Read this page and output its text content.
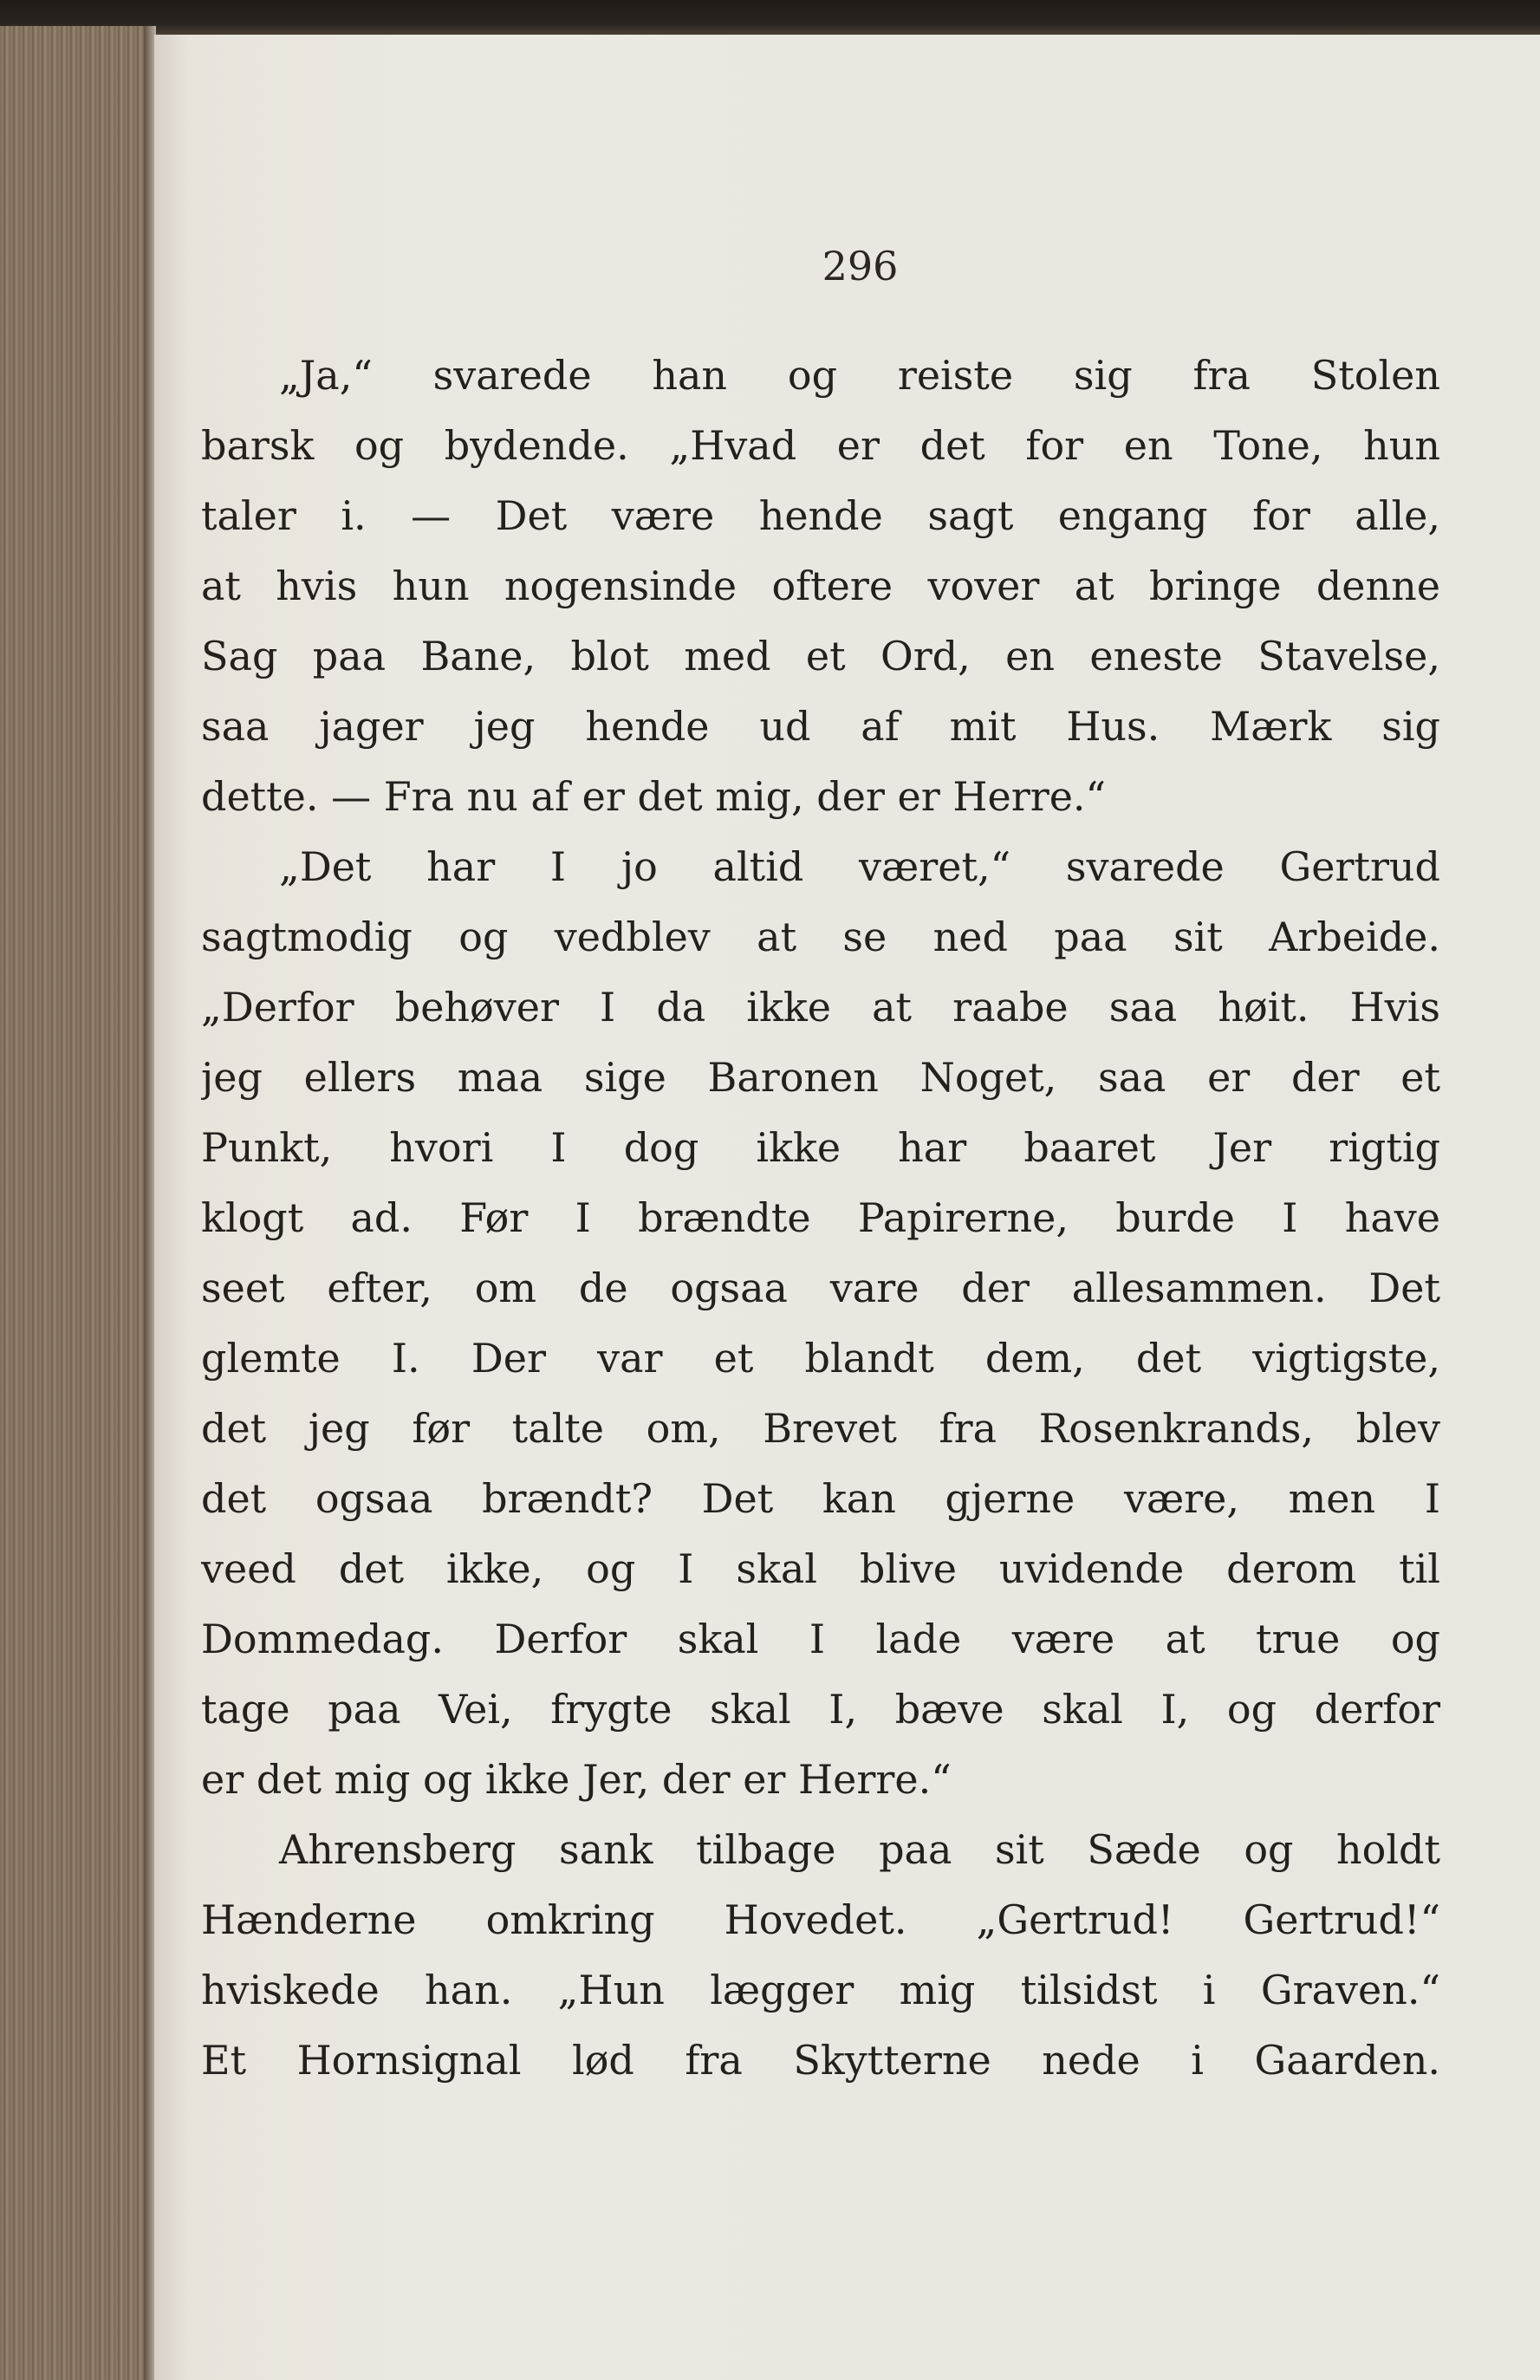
296
„Ja,“ svarede han og reiste sig fra Stolen
barsk og bydende. „Hvad er det for en Tone, hun
taler i. — Det være hende sagt engang for alle,
at hvis hun nogensinde oftere vover at bringe denne
Sag paa Bane, blot med et Ord, en eneste Stavelse,
saa jager jeg hende ud af mit Hus. Mærk sig
dette. — Fra nu af er det mig, der er Herre.“
„Det har I jo altid været,“ svarede Gertrud
sagtmodig og vedblev at se ned paa sit Arbeide.
„Derfor behøver I da ikke at raabe saa høit. Hvis
jeg ellers maa sige Baronen Noget, saa er der et
Punkt, hvori I dog ikke har baaret Jer rigtig
klogt ad. Før I brændte Papirerne, burde I have
seet efter, om de ogsaa vare der allesammen. Det
glemte I. Der var et blandt dem, det vigtigste,
det jeg før talte om, Brevet fra Rosenkrands, blev
det ogsaa brændt? Det kan gjerne være, men I
veed det ikke, og I skal blive uvidende derom til
Dommedag. Derfor skal I lade være at true og
tage paa Vei, frygte skal I, bæve skal I, og derfor
er det mig og ikke Jer, der er Herre.“
Ahrensberg sank tilbage paa sit Sæde og holdt
Hænderne omkring Hovedet. „Gertrud! Gertrud!“
hviskede han. „Hun lægger mig tilsidst i Graven.“
Et Hornsignal lød fra Skytterne nede i Gaarden.
